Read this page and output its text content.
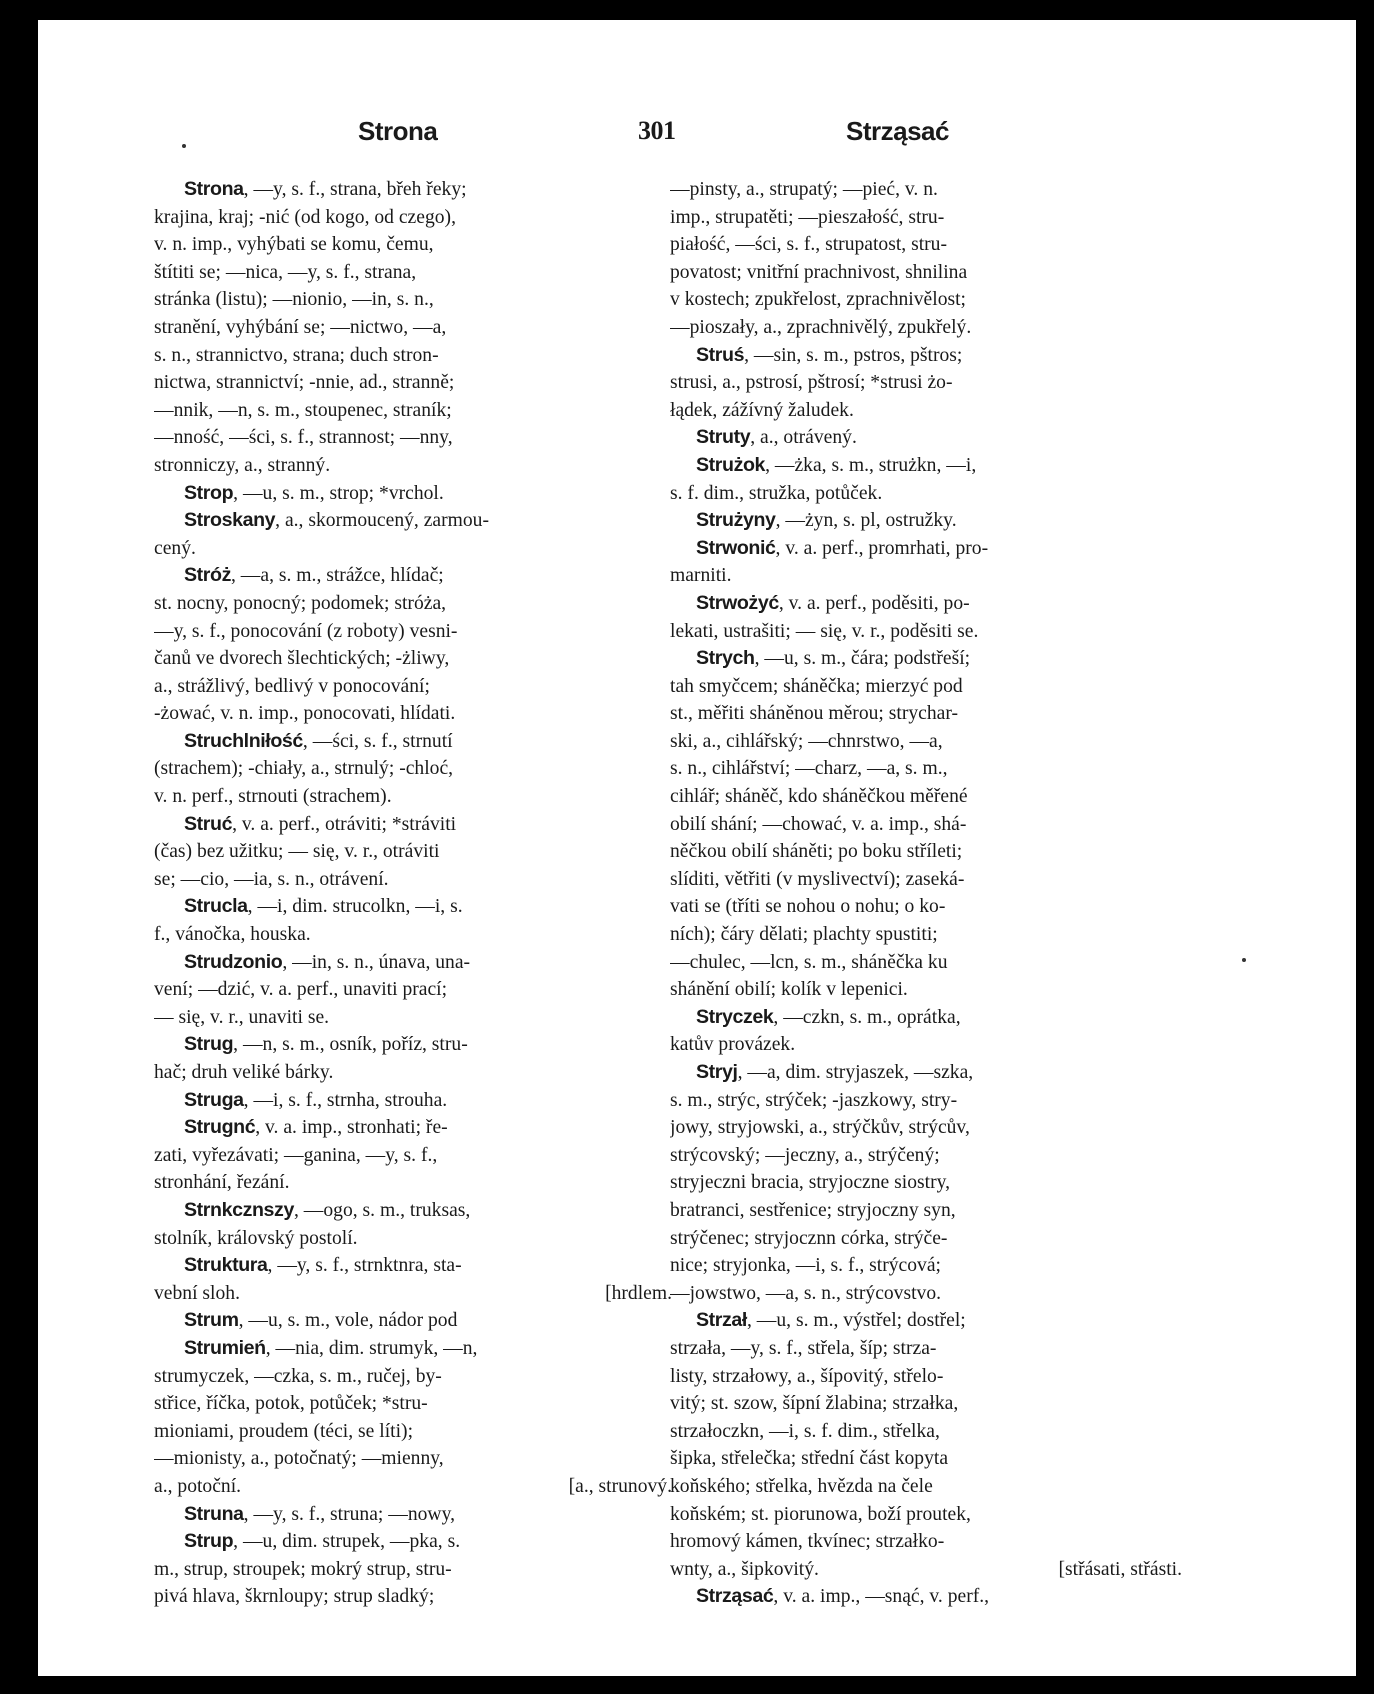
Strona	301	Strząsać
Strona, —y, s. f., strana, břeh řeky;
krajina, kraj; -nić (od kogo, od czego),
v. n. imp., vyhýbati se komu, čemu,
štítiti se; —nica, —y, s. f., strana,
stránka (listu); —nionio, —in, s. n.,
stranění, vyhýbání se; —nictwo, —a,
s. n., strannictvo, strana; duch stron-
nictwa, strannictví; -nnie, ad., stranně;
—nnik, —n, s. m., stoupenec, straník;
—nność, —ści, s. f., strannost; —nny,
stronniczy, a., stranný.
Strop, —u, s. m., strop; *vrchol.
Stroskany, a., skormoucený, zarmou-
cený.
Stróż, —a, s. m., strážce, hlídač;
st. nocny, ponocný; podomek; stróża,
—y, s. f., ponocování (z roboty) vesni-
čanů ve dvorech šlechtických; -żliwy,
a., strážlivý, bedlivý v ponocování;
-żować, v. n. imp., ponocovati, hlídati.
Struchlniłość, —ści, s. f., strnutí
(strachem); -chiały, a., strnulý; -chloć,
v. n. perf., strnouti (strachem).
Struć, v. a. perf., otráviti; *stráviti
(čas) bez užitku; — się, v. r., otráviti
se; —cio, —ia, s. n., otrávení.
Strucla, —i, dim. strucolkn, —i, s.
f., vánočka, houska.
Strudzonio, —in, s. n., únava, una-
vení; —dzić, v. a. perf., unaviti prací;
— się, v. r., unaviti se.
Strug, —n, s. m., osník, poříz, stru-
hač; druh veliké bárky.
Struga, —i, s. f., strnha, strouha.
Strugnć, v. a. imp., stronhati; ře-
zati, vyřezávati; —ganina, —y, s. f.,
stronhání, řezání.
Strnkcznszy, —ogo, s. m., truksas,
stolník, královský postolí.
Struktura, —y, s. f., strnktnra, sta-
[hrdlem.
vební sloh.
Strum, —u, s. m., vole, nádor pod
Strumień, —nia, dim. strumyk, —n,
strumyczek, —czka, s. m., ručej, by-
střice, říčka, potok, potůček; *stru-
mioniami, proudem (téci, se líti);
—mionisty, a., potočnatý; —mienny,
[a., strunový.
a., potoční.
Struna, —y, s. f., struna; —nowy,
Strup, —u, dim. strupek, —pka, s.
m., strup, stroupek; mokrý strup, stru-
pivá hlava, škrnloupy; strup sladký;
—pinsty, a., strupatý; —pieć, v. n.
imp., strupatěti; —pieszałość, stru-
piałość, —ści, s. f., strupatost, stru-
povatost; vnitřní prachnivost, shnilina
v kostech; zpukřelost, zprachnivělost;
—pioszały, a., zprachnivělý, zpukřelý.
Struś, —sin, s. m., pstros, pštros;
strusi, a., pstrosí, pštrosí; *strusi żo-
łądek, zážívný žaludek.
Struty, a., otrávený.
Strużok, —żka, s. m., strużkn, —i,
s. f. dim., stružka, potůček.
Strużyny, —żyn, s. pl, ostružky.
Strwonić, v. a. perf., promrhati, pro-
marniti.
Strwożyć, v. a. perf., poděsiti, po-
lekati, ustrašiti; — się, v. r., poděsiti se.
Strych, —u, s. m., čára; podstřeší;
tah smyčcem; sháněčka; mierzyć pod
st., měřiti sháněnou měrou; strychar-
ski, a., cihlářský; —chnrstwo, —a,
s. n., cihlářství; —charz, —a, s. m.,
cihlář; sháněč, kdo sháněčkou měřené
obilí shání; —chować, v. a. imp., shá-
něčkou obilí sháněti; po boku stříleti;
slíditi, větřiti (v myslivectví); zaseká-
vati se (tříti se nohou o nohu; o ko-
ních); čáry dělati; plachty spustiti;
—chulec, —lcn, s. m., sháněčka ku
shánění obilí; kolík v lepenici.
Stryczek, —czkn, s. m., oprátka,
katův provázek.
Stryj, —a, dim. stryjaszek, —szka,
s. m., strýc, strýček; -jaszkowy, stry-
jowy, stryjowski, a., strýčkův, strýcův,
strýcovský; —jeczny, a., strýčený;
stryjeczni bracia, stryjoczne siostry,
bratranci, sestřenice; stryjoczny syn,
strýčenec; stryjocznn córka, strýče-
nice; stryjonka, —i, s. f., strýcová;
—jowstwo, —a, s. n., strýcovstvo.
Strzał, —u, s. m., výstřel; dostřel;
strzała, —y, s. f., střela, šíp; strza-
listy, strzałowy, a., šípovitý, střelo-
vitý; st. szow, šípní žlabina; strzałka,
strzałoczkn, —i, s. f. dim., střelka,
šipka, střelečka; střední část kopyta
koňského; střelka, hvězda na čele
koňském; st. piorunowa, boží proutek,
hromový kámen, tkvínec; strzałko-
[střásati, střásti.
wnty, a., šipkovitý.
Strząsać, v. a. imp., —snąć, v. perf.,
